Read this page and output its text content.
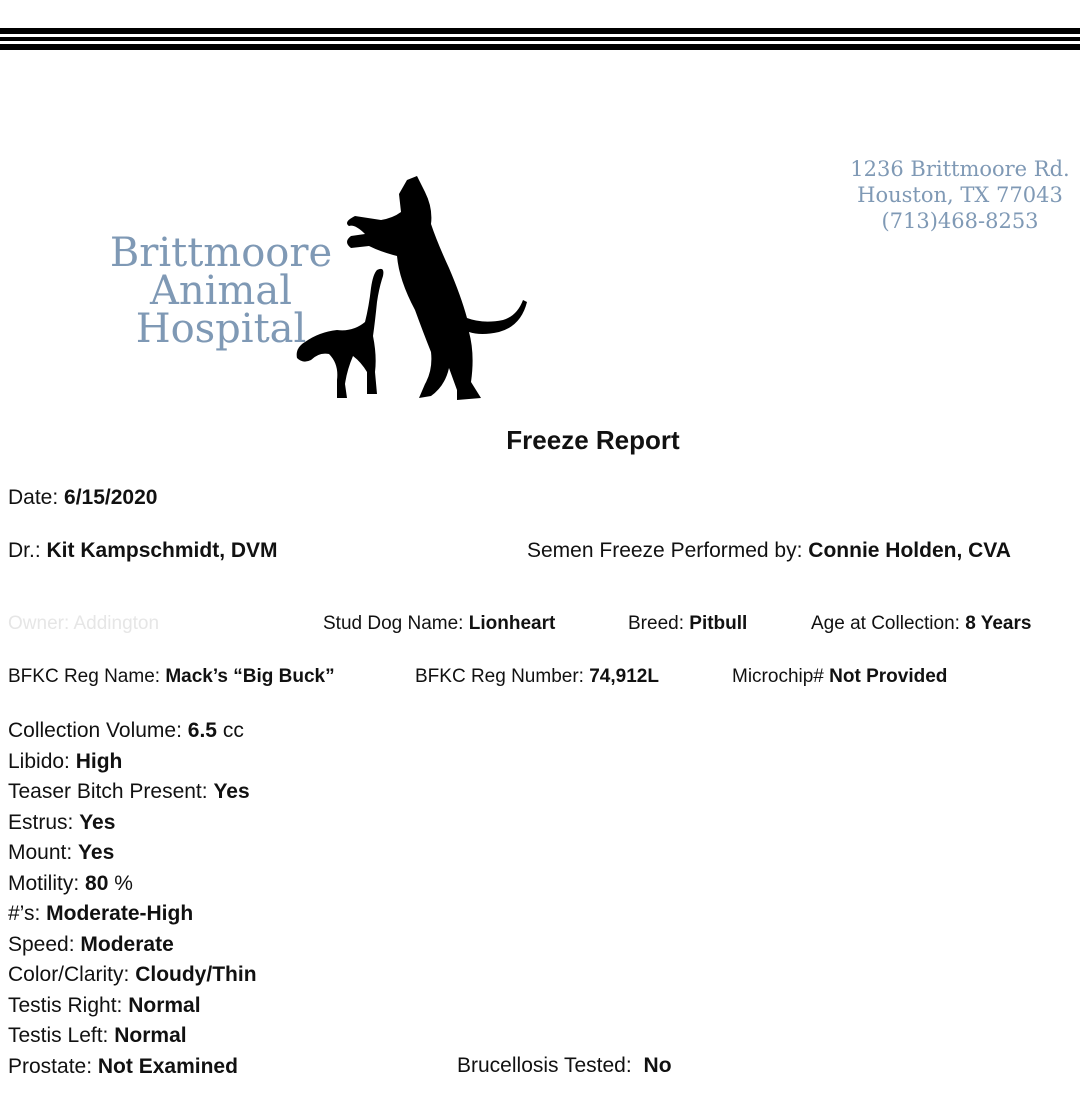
Brittmoore
Animal
Hospital
1236 Brittmoore Rd.
Houston, TX 77043
(713)468-8253
Freeze Report
Date: 6/15/2020
Dr.: Kit Kampschmidt, DVM	Semen Freeze Performed by: Connie Holden, CVA
Owner: Addington	Stud Dog Name: Lionheart	Breed: Pitbull	Age at Collection: 8 Years
BFKC Reg Name: Mack’s “Big Buck”	BFKC Reg Number: 74,912L	Microchip# Not Provided
Collection Volume: 6.5 cc
Libido: High
Teaser Bitch Present: Yes
Estrus: Yes
Mount: Yes
Motility: 80 %
#’s: Moderate-High
Speed: Moderate
Color/Clarity: Cloudy/Thin
Testis Right: Normal
Testis Left: Normal
Prostate: Not Examined	Brucellosis Tested: No
